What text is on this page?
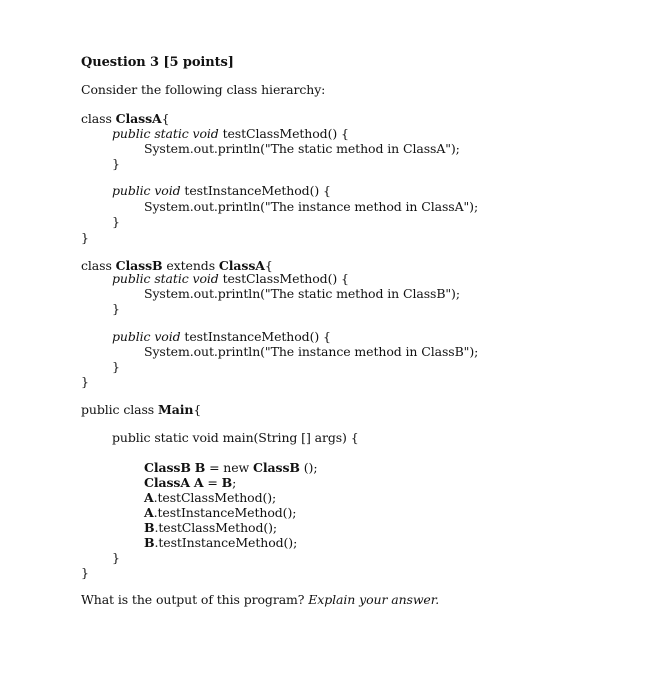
Question 3 [5 points]
Consider the following class hierarchy:
class ClassA{
public static void testClassMethod() {
System.out.println("The static method in ClassA");
}
public void testInstanceMethod() {
System.out.println("The instance method in ClassA");
}
}
class ClassB extends ClassA{
public static void testClassMethod() {
System.out.println("The static method in ClassB");
}
public void testInstanceMethod() {
System.out.println("The instance method in ClassB");
}
}
public class Main{
public static void main(String [] args) {
ClassB B = new ClassB ();
ClassA A = B;
A.testClassMethod();
A.testInstanceMethod();
B.testClassMethod();
B.testInstanceMethod();
}
}
What is the output of this program? Explain your answer.
